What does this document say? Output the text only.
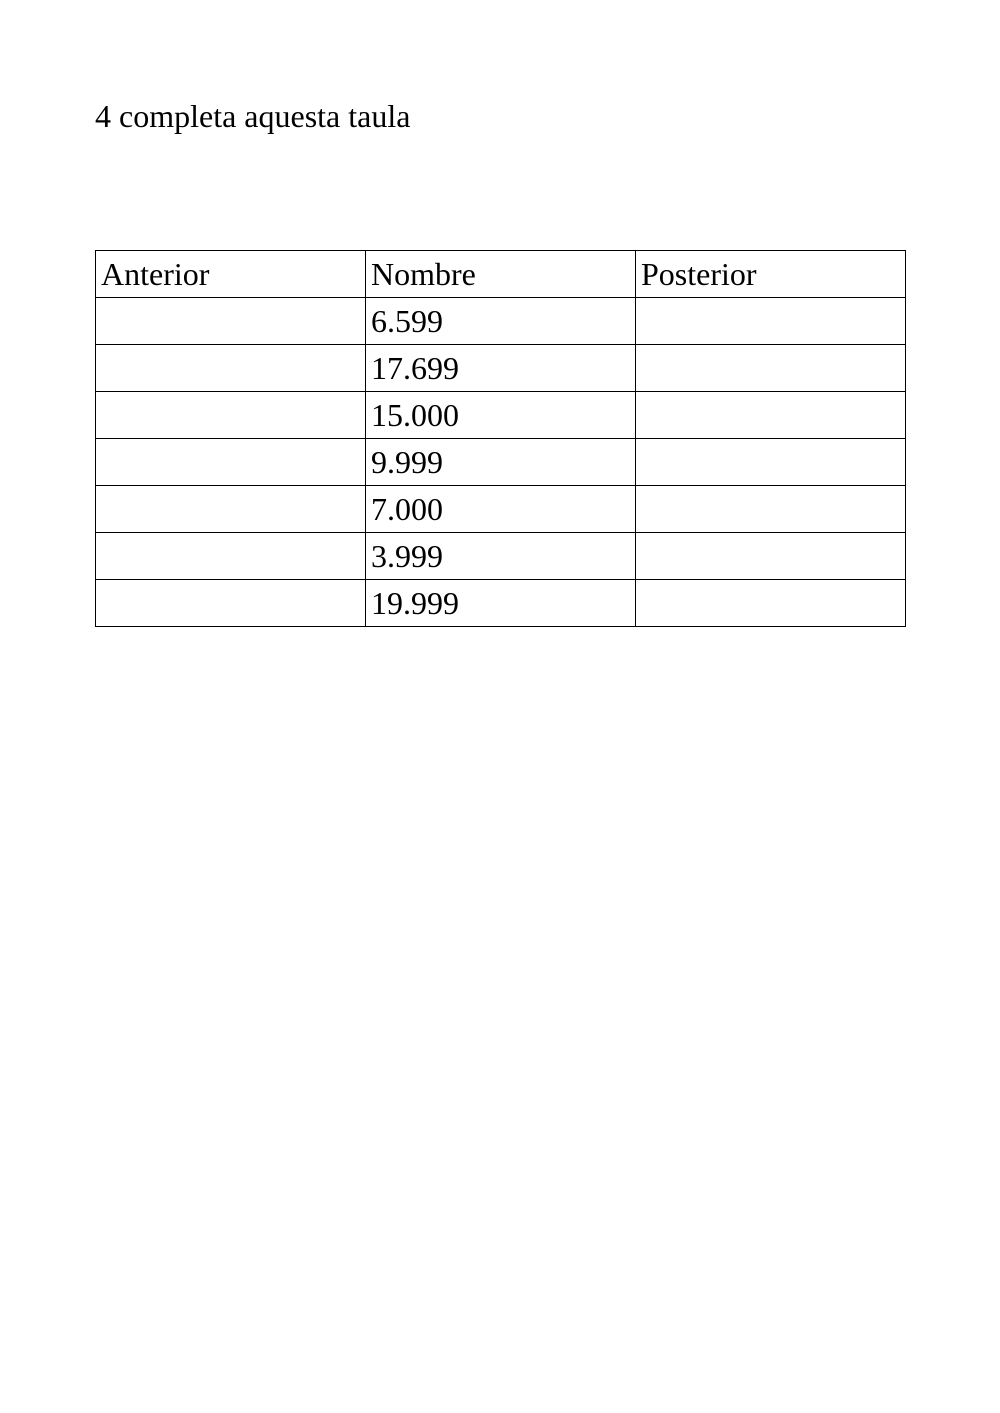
4 completa aquesta taula
Anterior	Nombre	Posterior
	6.599	
	17.699	
	15.000	
	9.999	
	7.000	
	3.999	
	19.999	
